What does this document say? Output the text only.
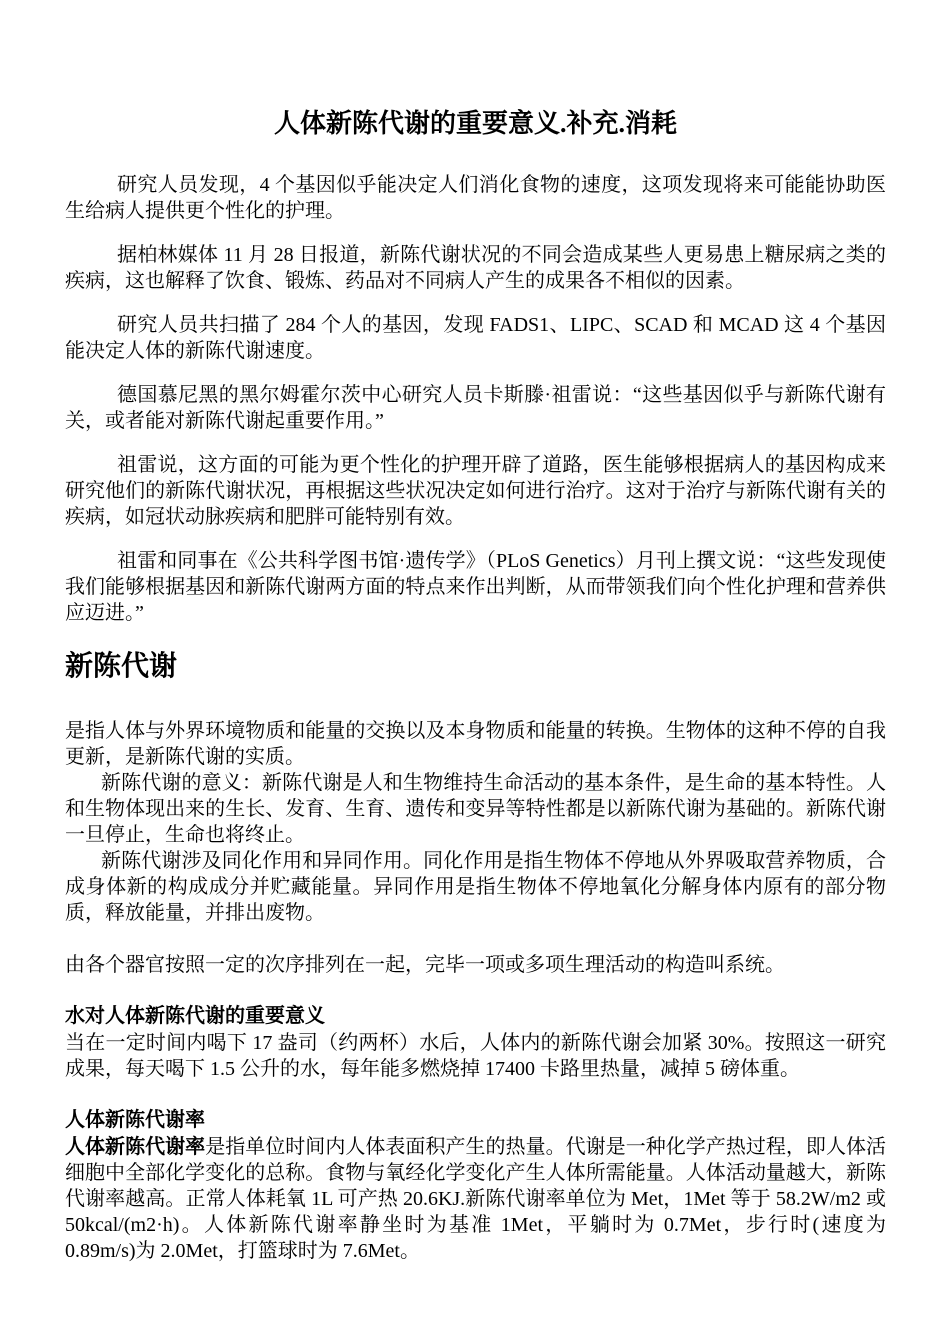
人体新陈代谢的重要意义.补充.消耗

研究人员发现，4 个基因似乎能决定人们消化食物的速度，这项发现将来可能能协助医生给病人提供更个性化的护理。

据柏林媒体 11 月 28 日报道，新陈代谢状况的不同会造成某些人更易患上糖尿病之类的疾病，这也解释了饮食、锻炼、药品对不同病人产生的成果各不相似的因素。

研究人员共扫描了 284 个人的基因，发现 FADS1、LIPC、SCAD 和 MCAD 这 4 个基因能决定人体的新陈代谢速度。

德国慕尼黑的黑尔姆霍尔茨中心研究人员卡斯滕·祖雷说：“这些基因似乎与新陈代谢有关，或者能对新陈代谢起重要作用。”

祖雷说，这方面的可能为更个性化的护理开辟了道路，医生能够根据病人的基因构成来研究他们的新陈代谢状况，再根据这些状况决定如何进行治疗。这对于治疗与新陈代谢有关的疾病，如冠状动脉疾病和肥胖可能特别有效。

祖雷和同事在《公共科学图书馆·遗传学》（PLoS Genetics）月刊上撰文说：“这些发现使我们能够根据基因和新陈代谢两方面的特点来作出判断，从而带领我们向个性化护理和营养供应迈进。”

新陈代谢

是指人体与外界环境物质和能量的交换以及本身物质和能量的转换。生物体的这种不停的自我更新，是新陈代谢的实质。

新陈代谢的意义：新陈代谢是人和生物维持生命活动的基本条件，是生命的基本特性。人和生物体现出来的生长、发育、生育、遗传和变异等特性都是以新陈代谢为基础的。新陈代谢一旦停止，生命也将终止。

新陈代谢涉及同化作用和异同作用。同化作用是指生物体不停地从外界吸取营养物质，合成身体新的构成成分并贮藏能量。异同作用是指生物体不停地氧化分解身体内原有的部分物质，释放能量，并排出废物。

由各个器官按照一定的次序排列在一起，完毕一项或多项生理活动的构造叫系统。

水对人体新陈代谢的重要意义

当在一定时间内喝下 17 盎司（约两杯）水后，人体内的新陈代谢会加紧 30%。按照这一研究成果，每天喝下 1.5 公升的水，每年能多燃烧掉 17400 卡路里热量，减掉 5 磅体重。

人体新陈代谢率

人体新陈代谢率是指单位时间内人体表面积产生的热量。代谢是一种化学产热过程，即人体活细胞中全部化学变化的总称。食物与氧经化学变化产生人体所需能量。人体活动量越大，新陈代谢率越高。正常人体耗氧 1L 可产热 20.6KJ.新陈代谢率单位为 Met，1Met 等于 58.2W/m2 或 50kcal/(m2·h)。人体新陈代谢率静坐时为基准 1Met，平躺时为 0.7Met，步行时(速度为 0.89m/s)为 2.0Met，打篮球时为 7.6Met。
